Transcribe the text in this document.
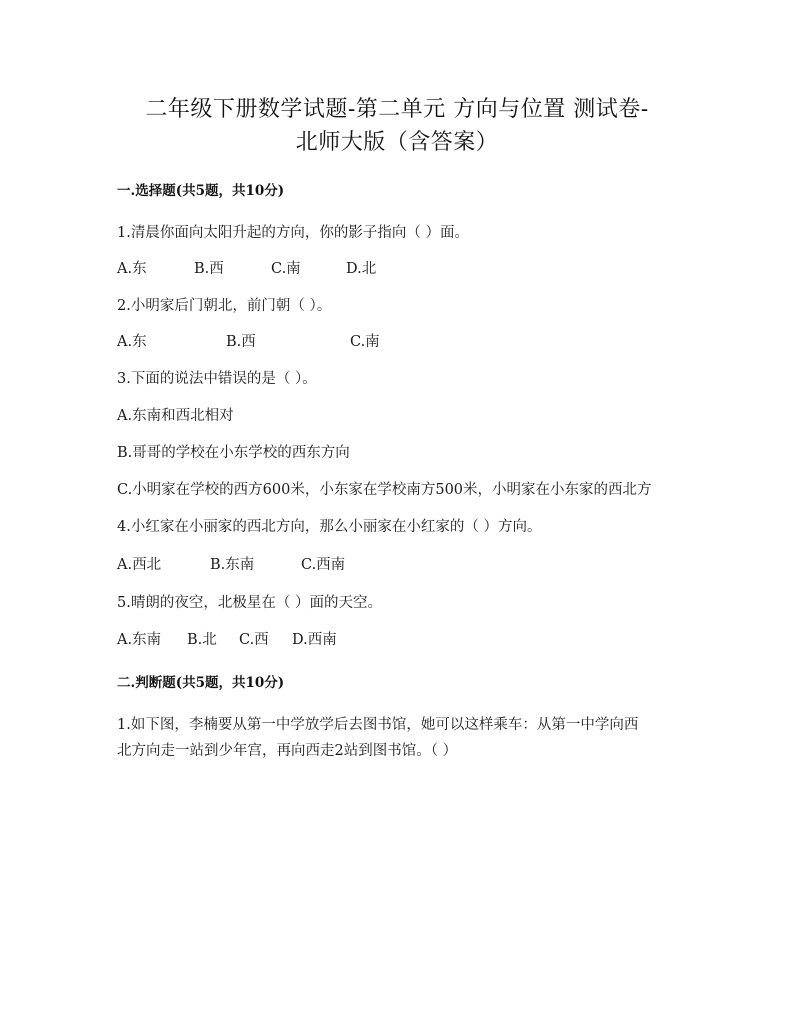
二年级下册数学试题-第二单元 方向与位置 测试卷-
北师大版（含答案）
一.选择题(共5题，共10分)
1.清晨你面向太阳升起的方向，你的影子指向（ ）面。
A.东	B.西	C.南	D.北
2.小明家后门朝北，前门朝（ ）。
A.东	B.西	C.南
3.下面的说法中错误的是（ ）。
A.东南和西北相对
B.哥哥的学校在小东学校的西东方向
C.小明家在学校的西方600米，小东家在学校南方500米，小明家在小东家的西北方
4.小红家在小丽家的西北方向，那么小丽家在小红家的（ ）方向。
A.西北	B.东南	C.西南
5.晴朗的夜空，北极星在（ ）面的天空。
A.东南 B.北 C.西 D.西南
二.判断题(共5题，共10分)
1.如下图，李楠要从第一中学放学后去图书馆，她可以这样乘车：从第一中学向西
北方向走一站到少年宫，再向西走2站到图书馆。（ ）
